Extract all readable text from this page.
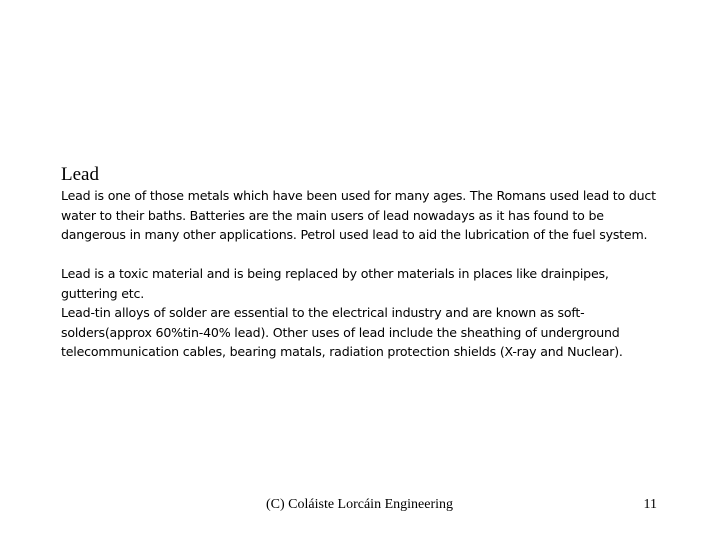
Lead

Lead is one of those metals which have been used for many ages. The Romans used lead to duct water to their baths. Batteries are the main users of lead nowadays as it has found to be dangerous in many other applications. Petrol used lead to aid the lubrication of the fuel system.

Lead is a toxic material and is being replaced by other materials in places like drainpipes, guttering etc.

Lead-tin alloys of solder are essential to the electrical industry and are known as soft-solders(approx 60%tin-40% lead). Other uses of lead include the sheathing of underground telecommunication cables, bearing matals, radiation protection shields (X-ray and Nuclear).

(C) Coláiste Lorcáin Engineering	11
